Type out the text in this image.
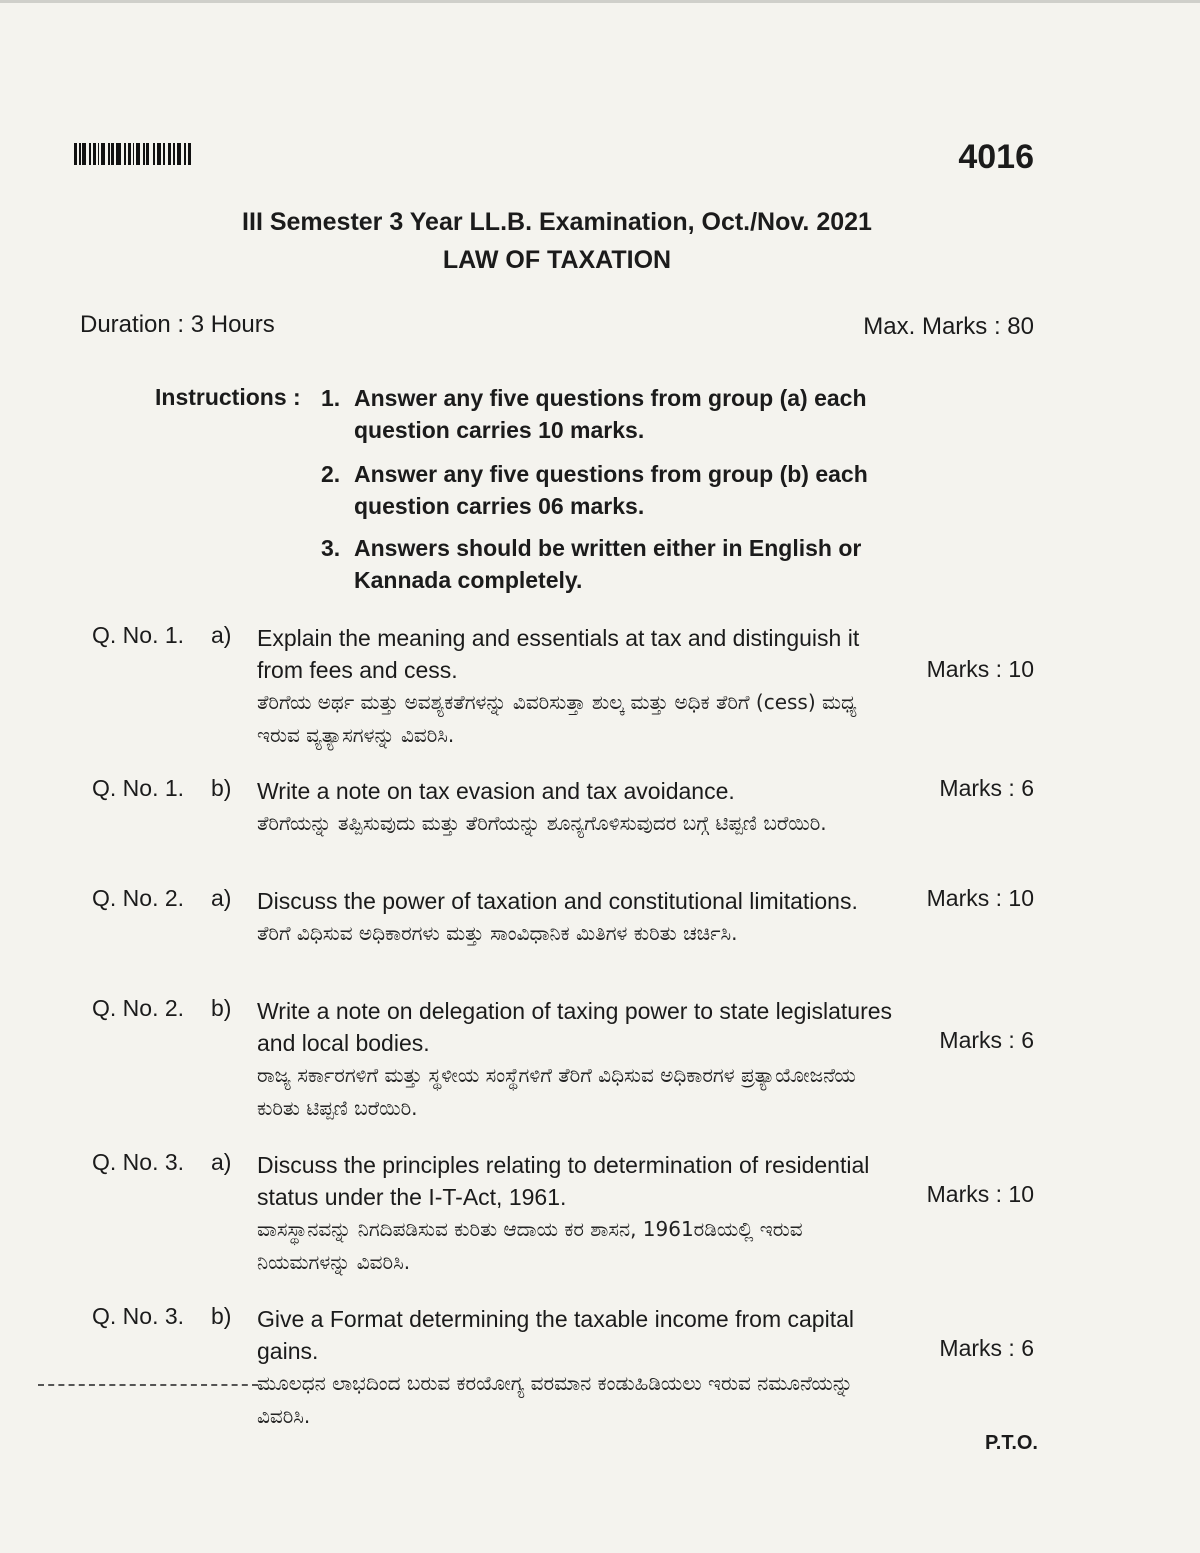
4016
III Semester 3 Year LL.B. Examination, Oct./Nov. 2021
LAW OF TAXATION
Duration : 3 Hours	Max. Marks : 80
Instructions : 1. Answer any five questions from group (a) each question carries 10 marks.
2. Answer any five questions from group (b) each question carries 06 marks.
3. Answers should be written either in English or Kannada completely.
Q. No. 1. a) Explain the meaning and essentials at tax and distinguish it from fees and cess.
ತೆರಿಗೆಯ ಅರ್ಥ ಮತ್ತು ಅವಶ್ಯಕತೆಗಳನ್ನು ವಿವರಿಸುತ್ತಾ ಶುಲ್ಕ ಮತ್ತು ಅಧಿಕ ತೆರಿಗೆ (cess) ಮಧ್ಯ ಇರುವ ವ್ಯತ್ಯಾಸಗಳನ್ನು ವಿವರಿಸಿ.
Marks : 10
Q. No. 1. b) Write a note on tax evasion and tax avoidance.
ತೆರಿಗೆಯನ್ನು ತಪ್ಪಿಸುವುದು ಮತ್ತು ತೆರಿಗೆಯನ್ನು ಶೂನ್ಯಗೊಳಿಸುವುದರ ಬಗ್ಗೆ ಟಿಪ್ಪಣಿ ಬರೆಯಿರಿ.
Marks : 6
Q. No. 2. a) Discuss the power of taxation and constitutional limitations.
ತೆರಿಗೆ ವಿಧಿಸುವ ಅಧಿಕಾರಗಳು ಮತ್ತು ಸಾಂವಿಧಾನಿಕ ಮಿತಿಗಳ ಕುರಿತು ಚರ್ಚಿಸಿ.
Marks : 10
Q. No. 2. b) Write a note on delegation of taxing power to state legislatures and local bodies.
ರಾಜ್ಯ ಸರ್ಕಾರಗಳಿಗೆ ಮತ್ತು ಸ್ಥಳೀಯ ಸಂಸ್ಥೆಗಳಿಗೆ ತೆರಿಗೆ ವಿಧಿಸುವ ಅಧಿಕಾರಗಳ ಪ್ರತ್ಯಾಯೋಜನೆಯ ಕುರಿತು ಟಿಪ್ಪಣಿ ಬರೆಯಿರಿ.
Marks : 6
Q. No. 3. a) Discuss the principles relating to determination of residential status under the I-T-Act, 1961.
ವಾಸಸ್ಥಾನವನ್ನು ನಿಗದಿಪಡಿಸುವ ಕುರಿತು ಆದಾಯ ಕರ ಶಾಸನ, 1961ರಡಿಯಲ್ಲಿ ಇರುವ ನಿಯಮಗಳನ್ನು ವಿವರಿಸಿ.
Marks : 10
Q. No. 3. b) Give a Format determining the taxable income from capital gains.
ಮೂಲಧನ ಲಾಭದಿಂದ ಬರುವ ಕರಯೋಗ್ಯ ವರಮಾನ ಕಂಡುಹಿಡಿಯಲು ಇರುವ ನಮೂನೆಯನ್ನು ವಿವರಿಸಿ.
Marks : 6
P.T.O.
